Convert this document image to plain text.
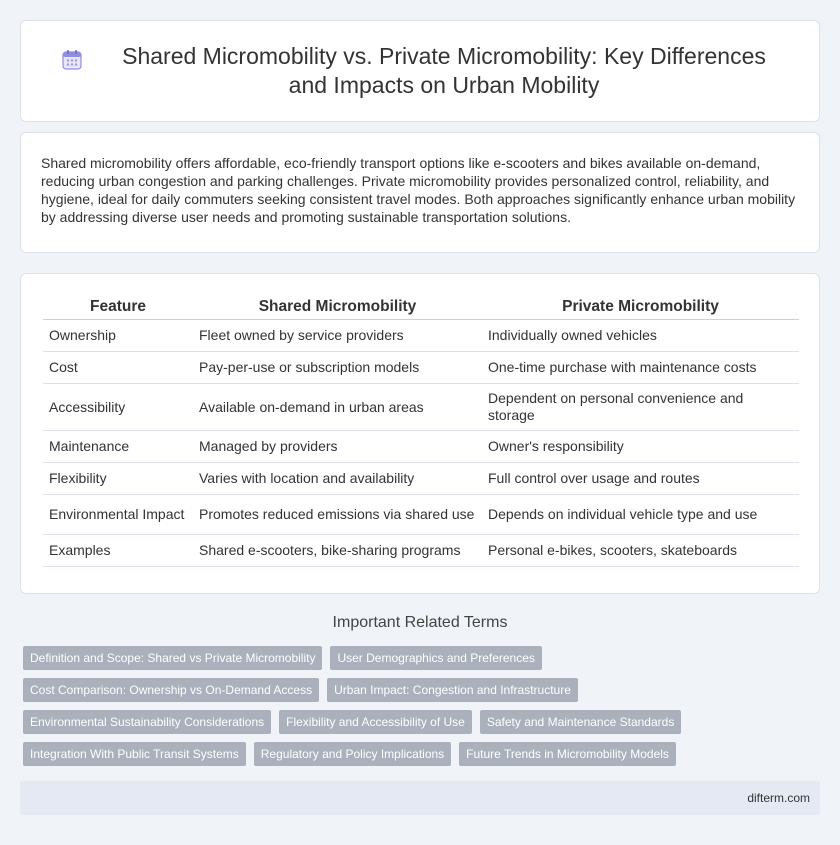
Shared Micromobility vs. Private Micromobility: Key Differences and Impacts on Urban Mobility

Shared micromobility offers affordable, eco-friendly transport options like e-scooters and bikes available on-demand, reducing urban congestion and parking challenges. Private micromobility provides personalized control, reliability, and hygiene, ideal for daily commuters seeking consistent travel modes. Both approaches significantly enhance urban mobility by addressing diverse user needs and promoting sustainable transportation solutions.

Feature	Shared Micromobility	Private Micromobility
Ownership	Fleet owned by service providers	Individually owned vehicles
Cost	Pay-per-use or subscription models	One-time purchase with maintenance costs
Accessibility	Available on-demand in urban areas	Dependent on personal convenience and storage
Maintenance	Managed by providers	Owner's responsibility
Flexibility	Varies with location and availability	Full control over usage and routes
Environmental Impact	Promotes reduced emissions via shared use	Depends on individual vehicle type and use
Examples	Shared e-scooters, bike-sharing programs	Personal e-bikes, scooters, skateboards
Important Related Terms
Definition and Scope: Shared vs Private Micromobility	User Demographics and Preferences
Cost Comparison: Ownership vs On-Demand Access	Urban Impact: Congestion and Infrastructure
Environmental Sustainability Considerations	Flexibility and Accessibility of Use	Safety and Maintenance Standards
Integration With Public Transit Systems	Regulatory and Policy Implications	Future Trends in Micromobility Models
difterm.com
